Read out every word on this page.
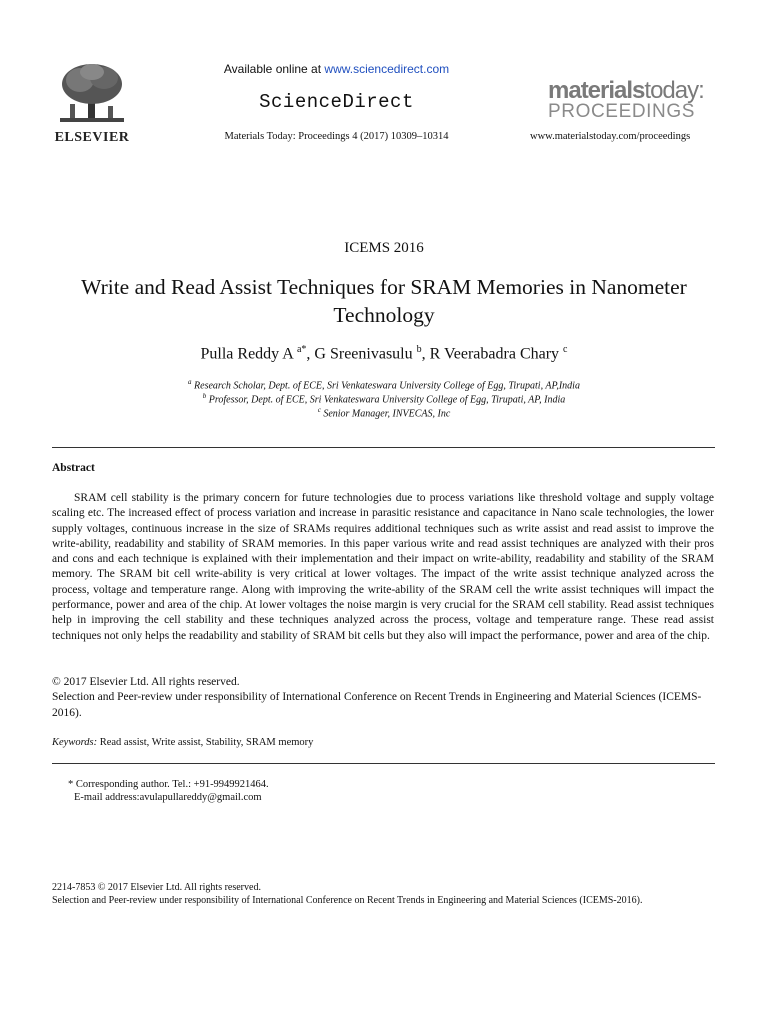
ELSEVIER
Available online at www.sciencedirect.com
ScienceDirect
Materials Today: Proceedings 4 (2017) 10309–10314
materialstoday:
PROCEEDINGS
www.materialstoday.com/proceedings
ICEMS 2016
Write and Read Assist Techniques for SRAM Memories in Nanometer Technology
Pulla Reddy A $^{a*}$, G Sreenivasulu $^b$, R Veerabadra Chary $^c$
$^a$ Research Scholar, Dept. of ECE, Sri Venkateswara University College of Egg, Tirupati, AP,India
$^b$ Professor, Dept. of ECE, Sri Venkateswara University College of Egg, Tirupati, AP, India
$^c$ Senior Manager, INVECAS, Inc
Abstract
SRAM cell stability is the primary concern for future technologies due to process variations like threshold voltage and supply voltage scaling etc. The increased effect of process variation and increase in parasitic resistance and capacitance in Nano scale technologies, the lower supply voltages, continuous increase in the size of SRAMs requires additional techniques such as write assist and read assist to improve the write-ability, readability and stability of SRAM memories. In this paper various write and read assist techniques are analyzed with their pros and cons and each technique is explained with their implementation and their impact on write-ability, readability and stability of the SRAM memory. The SRAM bit cell write-ability is very critical at lower voltages. The impact of the write assist technique analyzed across the process, voltage and temperature range. Along with improving the write-ability of the SRAM cell the write assist techniques will impact the performance, power and area of the chip. At lower voltages the noise margin is very crucial for the SRAM cell stability. Read assist techniques help in improving the cell stability and these techniques analyzed across the process, voltage and temperature range. These read assist techniques not only helps the readability and stability of SRAM bit cells but they also will impact the performance, power and area of the chip.
© 2017 Elsevier Ltd. All rights reserved.
Selection and Peer-review under responsibility of International Conference on Recent Trends in Engineering and Material Sciences (ICEMS-2016).
Keywords: Read assist, Write assist, Stability, SRAM memory
* Corresponding author. Tel.: +91-9949921464.
E-mail address:avulapullareddy@gmail.com
2214-7853 © 2017 Elsevier Ltd. All rights reserved.
Selection and Peer-review under responsibility of International Conference on Recent Trends in Engineering and Material Sciences (ICEMS-2016).
